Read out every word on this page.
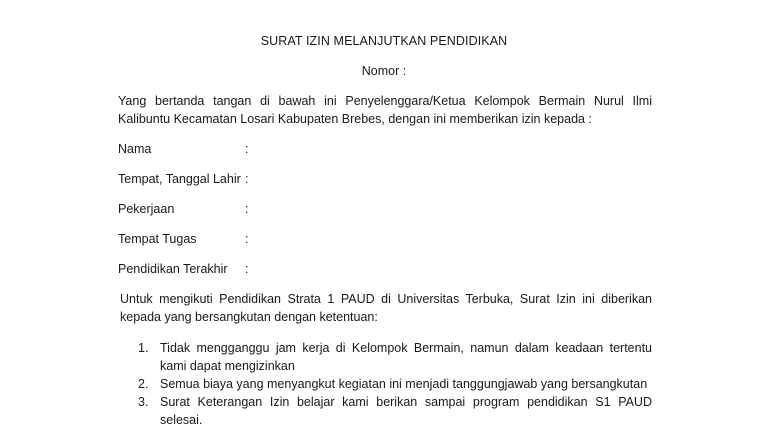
SURAT IZIN MELANJUTKAN PENDIDIKAN
Nomor :
Yang bertanda tangan di bawah ini Penyelenggara/Ketua Kelompok Bermain Nurul Ilmi Kalibuntu Kecamatan Losari Kabupaten Brebes, dengan ini memberikan izin kepada :
Nama	:
Tempat, Tanggal Lahir :
Pekerjaan	:
Tempat Tugas	:
Pendidikan Terakhir :
Untuk mengikuti Pendidikan Strata 1 PAUD di Universitas Terbuka, Surat Izin ini diberikan kepada yang bersangkutan dengan ketentuan:
1. Tidak mengganggu jam kerja di Kelompok Bermain, namun dalam keadaan tertentu kami dapat mengizinkan
2. Semua biaya yang menyangkut kegiatan ini menjadi tanggungjawab yang bersangkutan
3. Surat Keterangan Izin belajar kami berikan sampai program pendidikan S1 PAUD selesai.
